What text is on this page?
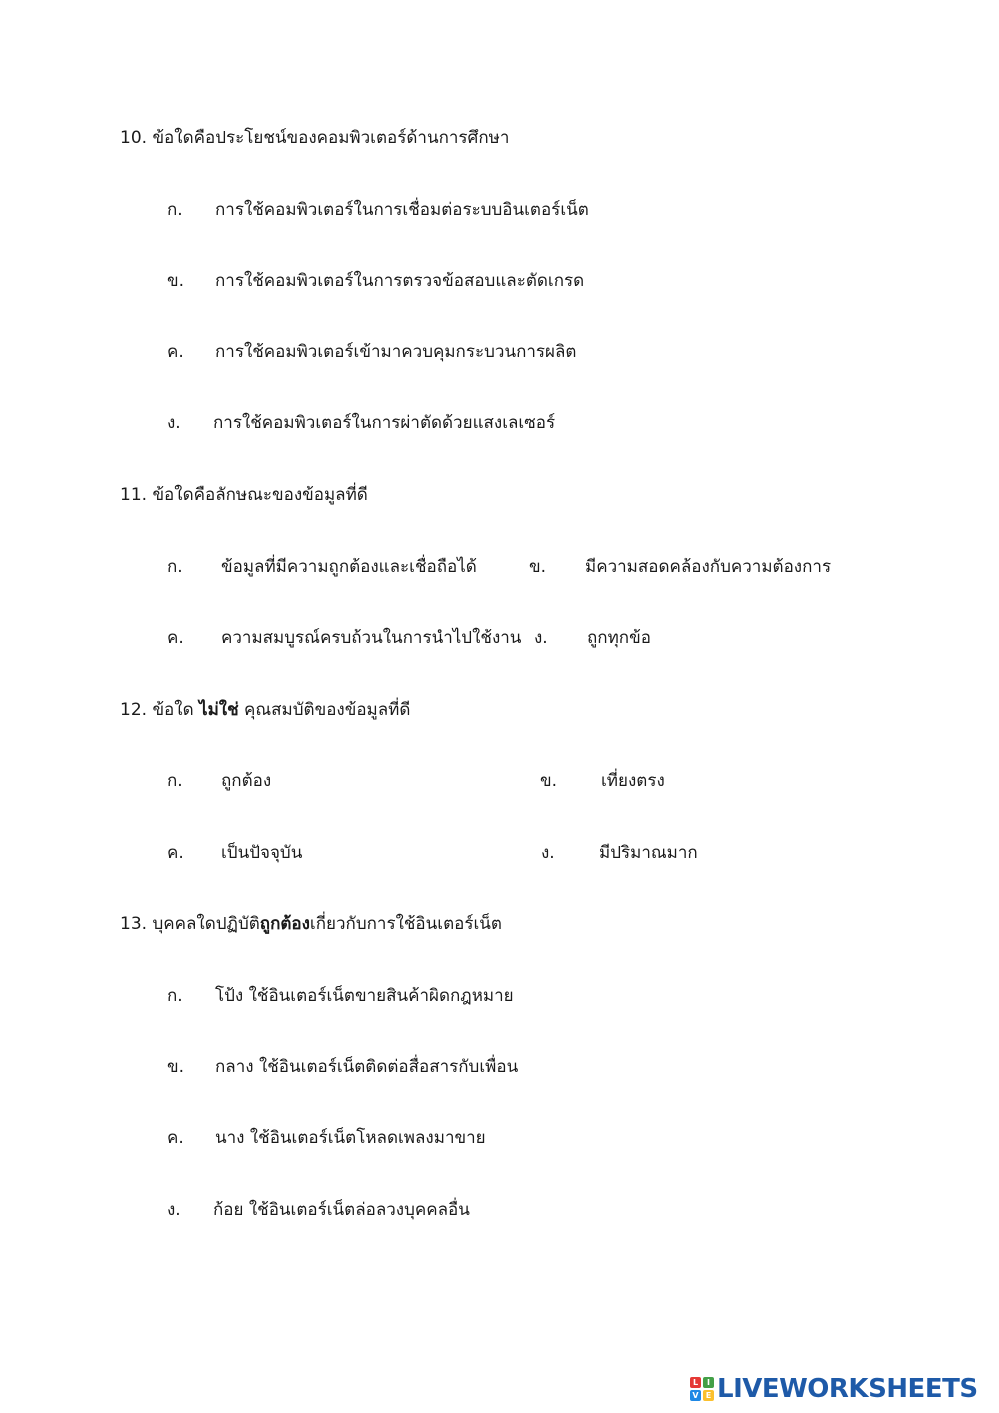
10. ข้อใดคือประโยชน์ของคอมพิวเตอร์ด้านการศึกษา
ก. การใช้คอมพิวเตอร์ในการเชื่อมต่อระบบอินเตอร์เน็ต
ข. การใช้คอมพิวเตอร์ในการตรวจข้อสอบและตัดเกรด
ค. การใช้คอมพิวเตอร์เข้ามาควบคุมกระบวนการผลิต
ง. การใช้คอมพิวเตอร์ในการผ่าตัดด้วยแสงเลเซอร์
11. ข้อใดคือลักษณะของข้อมูลที่ดี
ก. ข้อมูลที่มีความถูกต้องและเชื่อถือได้	ข. มีความสอดคล้องกับความต้องการ
ค. ความสมบูรณ์ครบถ้วนในการนำไปใช้งาน ง. ถูกทุกข้อ
12. ข้อใด ไม่ใช่ คุณสมบัติของข้อมูลที่ดี
ก. ถูกต้อง	ข.	เที่ยงตรง
ค. เป็นปัจจุบัน	ง.	มีปริมาณมาก
13. บุคคลใดปฏิบัติถูกต้องเกี่ยวกับการใช้อินเตอร์เน็ต
ก. โป้ง ใช้อินเตอร์เน็ตขายสินค้าผิดกฎหมาย
ข. กลาง ใช้อินเตอร์เน็ตติดต่อสื่อสารกับเพื่อน
ค. นาง ใช้อินเตอร์เน็ตโหลดเพลงมาขาย
ง. ก้อย ใช้อินเตอร์เน็ตล่อลวงบุคคลอื่น
L	I
V E LIVEWORKSHEETS
